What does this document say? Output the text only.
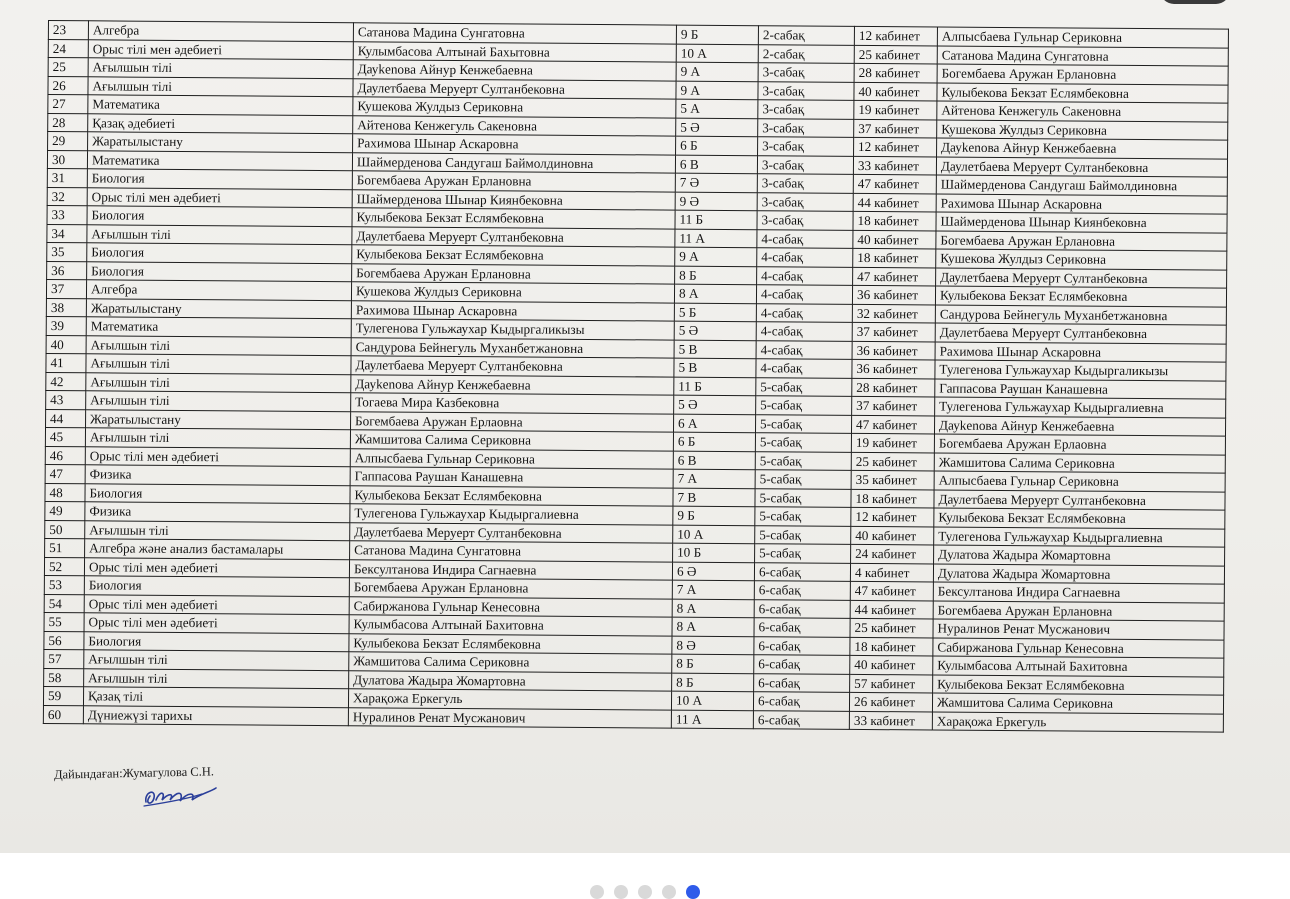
23	Алгебра	Сатанова Мадина Сунгатовна	9 Б	2-сабақ	12 кабинет	Алпысбаева Гульнар Сериковна
24	Орыс тілі мен әдебиеті	Кулымбасова Алтынай Бахытовна	10 А	2-сабақ	25 кабинет	Сатанова Мадина Сунгатовна
25	Ағылшын тілі	Дауkenова Айнур Кенжебаевна	9 А	3-сабақ	28 кабинет	Богембаева Аружан Ерлановна
26	Ағылшын тілі	Даулетбаева Меруерт Султанбековна	9 А	3-сабақ	40 кабинет	Кулыбекова Бекзат Еслямбековна
27	Математика	Кушекова Жулдыз Сериковна	5 А	3-сабақ	19 кабинет	Айтенова Кенжегуль Сакеновна
28	Қазақ әдебиеті	Айтенова Кенжегуль Сакеновна	5 Ә	3-сабақ	37 кабинет	Кушекова Жулдыз Сериковна
29	Жаратылыстану	Рахимова Шынар Аскаровна	6 Б	3-сабақ	12 кабинет	Дауkenова Айнур Кенжебаевна
30	Математика	Шаймерденова Сандугаш Баймолдиновна	6 В	3-сабақ	33 кабинет	Даулетбаева Меруерт Султанбековна
31	Биология	Богембаева Аружан Ерлановна	7 Ә	3-сабақ	47 кабинет	Шаймерденова Сандугаш Баймолдиновна
32	Орыс тілі мен әдебиеті	Шаймерденова Шынар Киянбековна	9 Ә	3-сабақ	44 кабинет	Рахимова Шынар Аскаровна
33	Биология	Кулыбекова Бекзат Еслямбековна	11 Б	3-сабақ	18 кабинет	Шаймерденова Шынар Киянбековна
34	Ағылшын тілі	Даулетбаева Меруерт Султанбековна	11 А	4-сабақ	40 кабинет	Богембаева Аружан Ерлановна
35	Биология	Кулыбекова Бекзат Еслямбековна	9 А	4-сабақ	18 кабинет	Кушекова Жулдыз Сериковна
36	Биология	Богембаева Аружан Ерлановна	8 Б	4-сабақ	47 кабинет	Даулетбаева Меруерт Султанбековна
37	Алгебра	Кушекова Жулдыз Сериковна	8 А	4-сабақ	36 кабинет	Кулыбекова Бекзат Еслямбековна
38	Жаратылыстану	Рахимова Шынар Аскаровна	5 Б	4-сабақ	32 кабинет	Сандурова Бейнегуль Муханбетжановна
39	Математика	Тулегенова Гульжаухар Кыдыргаликызы	5 Ә	4-сабақ	37 кабинет	Даулетбаева Меруерт Султанбековна
40	Ағылшын тілі	Сандурова Бейнегуль Муханбетжановна	5 В	4-сабақ	36 кабинет	Рахимова Шынар Аскаровна
41	Ағылшын тілі	Даулетбаева Меруерт Султанбековна	5 В	4-сабақ	36 кабинет	Тулегенова Гульжаухар Кыдыргаликызы
42	Ағылшын тілі	Дауkenова Айнур Кенжебаевна	11 Б	5-сабақ	28 кабинет	Гаппасова Раушан Канашевна
43	Ағылшын тілі	Тогаева Мира Казбековна	5 Ә	5-сабақ	37 кабинет	Тулегенова Гульжаухар Кыдыргалиевна
44	Жаратылыстану	Богембаева Аружан Ерлаовна	6 А	5-сабақ	47 кабинет	Дауkenова Айнур Кенжебаевна
45	Ағылшын тілі	Жамшитова Салима Сериковна	6 Б	5-сабақ	19 кабинет	Богембаева Аружан Ерлаовна
46	Орыс тілі мен әдебиеті	Алпысбаева Гульнар Сериковна	6 В	5-сабақ	25 кабинет	Жамшитова Салима Сериковна
47	Физика	Гаппасова Раушан Канашевна	7 А	5-сабақ	35 кабинет	Алпысбаева Гульнар Сериковна
48	Биология	Кулыбекова Бекзат Еслямбековна	7 В	5-сабақ	18 кабинет	Даулетбаева Меруерт Султанбековна
49	Физика	Тулегенова Гульжаухар Кыдыргалиевна	9 Б	5-сабақ	12 кабинет	Кулыбекова Бекзат Еслямбековна
50	Ағылшын тілі	Даулетбаева Меруерт Султанбековна	10 А	5-сабақ	40 кабинет	Тулегенова Гульжаухар Кыдыргалиевна
51	Алгебра және анализ бастамалары	Сатанова Мадина Сунгатовна	10 Б	5-сабақ	24 кабинет	Дулатова Жадыра Жомартовна
52	Орыс тілі мен әдебиеті	Бексултанова Индира Сагнаевна	6 Ә	6-сабақ	4 кабинет	Дулатова Жадыра Жомартовна
53	Биология	Богембаева Аружан Ерлановна	7 А	6-сабақ	47 кабинет	Бексултанова Индира Сагнаевна
54	Орыс тілі мен әдебиеті	Сабиржанова Гульнар Кенесовна	8 А	6-сабақ	44 кабинет	Богембаева Аружан Ерлановна
55	Орыс тілі мен әдебиеті	Кулымбасова Алтынай Бахитовна	8 А	6-сабақ	25 кабинет	Нуралинов Ренат Мусжанович
56	Биология	Кулыбекова Бекзат Еслямбековна	8 Ә	6-сабақ	18 кабинет	Сабиржанова Гульнар Кенесовна
57	Ағылшын тілі	Жамшитова Салима Сериковна	8 Б	6-сабақ	40 кабинет	Кулымбасова Алтынай Бахитовна
58	Ағылшын тілі	Дулатова Жадыра Жомартовна	8 Б	6-сабақ	57 кабинет	Кулыбекова Бекзат Еслямбековна
59	Қазақ тілі	Харақожа Еркегуль	10 А	6-сабақ	26 кабинет	Жамшитова Салима Сериковна
60	Дүниежүзі тарихы	Нуралинов Ренат Мусжанович	11 А	6-сабақ	33 кабинет	Харақожа Еркегуль
Дайындаған:Жумагулова С.Н.
